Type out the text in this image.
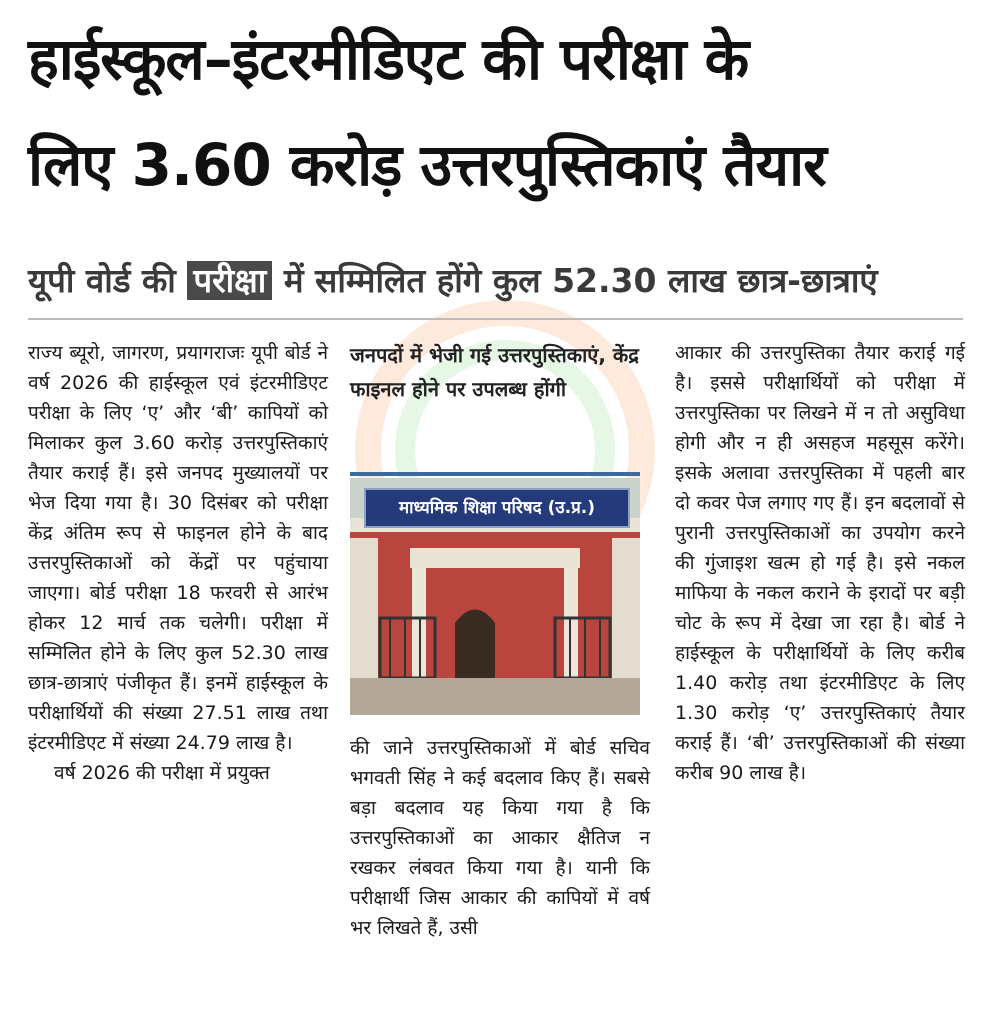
हाईस्कूल–इंटरमीडिएट की परीक्षा के
लिए 3.60 करोड़ उत्तरपुस्तिकाएं तैयार
यूपी वोर्ड की परीक्षा में सम्मिलित होंगे कुल 52.30 लाख छात्र-छात्राएं

राज्य ब्यूरो, जागरण, प्रयागराजः यूपी बोर्ड ने वर्ष 2026 की हाईस्कूल एवं इंटरमीडिएट परीक्षा के लिए ‘ए’ और ‘बी’ कापियों को मिलाकर कुल 3.60 करोड़ उत्तरपुस्तिकाएं तैयार कराई हैं। इसे जनपद मुख्यालयों पर भेज दिया गया है। 30 दिसंबर को परीक्षा केंद्र अंतिम रूप से फाइनल होने के बाद उत्तरपुस्तिकाओं को केंद्रों पर पहुंचाया जाएगा। बोर्ड परीक्षा 18 फरवरी से आरंभ होकर 12 मार्च तक चलेगी। परीक्षा में सम्मिलित होने के लिए कुल 52.30 लाख छात्र-छात्राएं पंजीकृत हैं। इनमें हाईस्कूल के परीक्षार्थियों की संख्या 27.51 लाख तथा इंटरमीडिएट में संख्या 24.79 लाख है।

वर्ष 2026 की परीक्षा में प्रयुक्त

जनपदों में भेजी गई उत्तरपुस्तिकाएं, केंद्र फाइनल होने पर उपलब्ध होंगी
माध्यमिक शिक्षा परिषद (उ.प्र.)
की जाने उत्तरपुस्तिकाओं में बोर्ड सचिव भगवती सिंह ने कई बदलाव किए हैं। सबसे बड़ा बदलाव यह किया गया है कि उत्तरपुस्तिकाओं का आकार क्षैतिज न रखकर लंबवत किया गया है। यानी कि परीक्षार्थी जिस आकार की कापियों में वर्ष भर लिखते हैं, उसी
आकार की उत्तरपुस्तिका तैयार कराई गई है। इससे परीक्षार्थियों को परीक्षा में उत्तरपुस्तिका पर लिखने में न तो असुविधा होगी और न ही असहज महसूस करेंगे। इसके अलावा उत्तरपुस्तिका में पहली बार दो कवर पेज लगाए गए हैं। इन बदलावों से पुरानी उत्तरपुस्तिकाओं का उपयोग करने की गुंजाइश खत्म हो गई है। इसे नकल माफिया के नकल कराने के इरादों पर बड़ी चोट के रूप में देखा जा रहा है। बोर्ड ने हाईस्कूल के परीक्षार्थियों के लिए करीब 1.40 करोड़ तथा इंटरमीडिएट के लिए 1.30 करोड़ ‘ए’ उत्तरपुस्तिकाएं तैयार कराई हैं। ‘बी’ उत्तरपुस्तिकाओं की संख्या करीब 90 लाख है।
